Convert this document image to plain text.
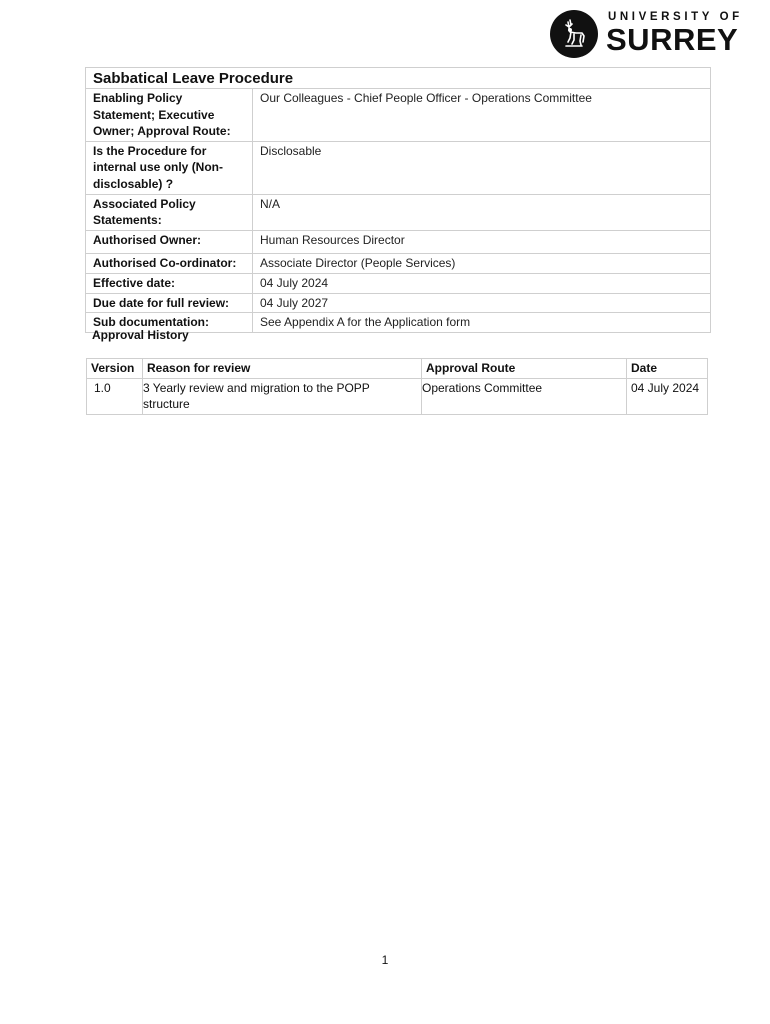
UNIVERSITY OF
SURREY
Sabbatical Leave Procedure	
Enabling Policy Statement; Executive Owner; Approval Route:	Our Colleagues - Chief People Officer - Operations Committee
Is the Procedure for internal use only (Non-disclosable) ?	Disclosable
Associated Policy Statements:	N/A
Authorised Owner:	Human Resources Director
Authorised Co-ordinator:	Associate Director (People Services)
Effective date:	04 July 2024
Due date for full review:	04 July 2027
Sub documentation:	See Appendix A for the Application form
Approval History
Version	Reason for review	Approval Route	Date
1.0	3 Yearly review and migration to the POPP structure	Operations Committee	04 July 2024
1
